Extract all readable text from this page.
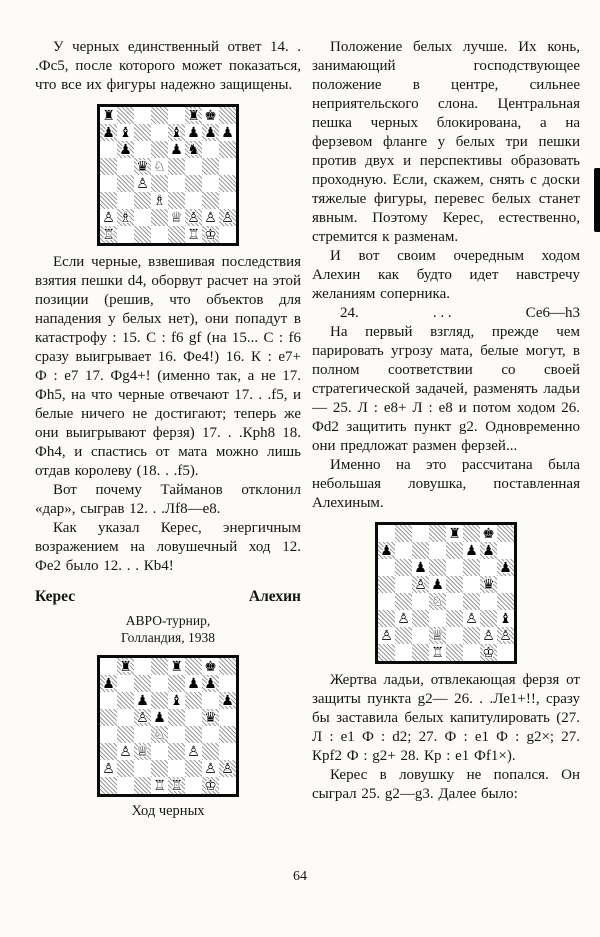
У черных единственный ответ 14. . .Фс5, после которого может показаться, что все их фигуры надежно защищены.

♜	♜ ♚
♟ ♝	♝ ♟ ♟ ♟
♟	♟ ♞
♛ ♘
♙
♗
♙ ♗	♕ ♙ ♙ ♙
♖	♖ ♔

Если черные, взвешивая последствия взятия пешки d4, оборвут расчет на этой позиции (решив, что объектов для нападения у белых нет), они попадут в катастрофу : 15. С : f6 gf (на 15... С : f6 сразу выигрывает 16. Фе4!) 16. К : е7+ Ф : е7 17. Фg4+! (именно так, а не 17. Фh5, на что черные отвечают 17. . .f5, и белые ничего не достигают; теперь же они выигрывают ферзя) 17. . .Крh8 18. Фh4, и спастись от мата можно лишь отдав королеву (18. . .f5).

Вот почему Тайманов отклонил «дар», сыграв 12. . .Лf8—е8.

Как указал Керес, энергичным возражением на ловушечный ход 12. Фе2 было 12. . . Кb4!

Керес	Алехин
АВРО-турнир,
Голландия, 1938
♜	♜ ♚
♟	♟ ♟
♟ ♝	♟
♙ ♟	♛
♘
♙ ♕	♙
♙	♙ ♙
♖ ♖ ♔
Ход черных

Положение белых лучше. Их конь, занимающий господствующее положение в центре, сильнее неприятельского слона. Центральная пешка черных блокирована, а на ферзевом фланге у белых три пешки против двух и перспективы образовать проходную. Если, скажем, снять с доски тяжелые фигуры, перевес белых станет явным. Поэтому Керес, естественно, стремится к разменам.

И вот своим очередным ходом Алехин как будто идет навстречу желаниям соперника.

24.	. . .	Се6—h3

На первый взгляд, прежде чем парировать угрозу мата, белые могут, в полном соответствии со своей стратегической задачей, разменять ладьи — 25. Л : е8+ Л : е8 и потом ходом 26. Фd2 защитить пункт g2. Одновременно они предложат размен ферзей...

Именно на это рассчитана была небольшая ловушка, поставленная Алехиным.

♜ ♚
♟	♟ ♟
♟	♟
♙ ♟	♛
♘
♙	♙ ♝
♙	♕	♙ ♙
♖	♔

Жертва ладьи, отвлекающая ферзя от защиты пункта g2— 26. . .Ле1+!!, сразу бы заставила белых капитулировать (27. Л : е1 Ф : d2; 27. Ф : е1 Ф : g2×; 27. Крf2 Ф : g2+ 28. Кр : е1 Фf1×).

Керес в ловушку не попался. Он сыграл 25. g2—g3. Далее было:

64
